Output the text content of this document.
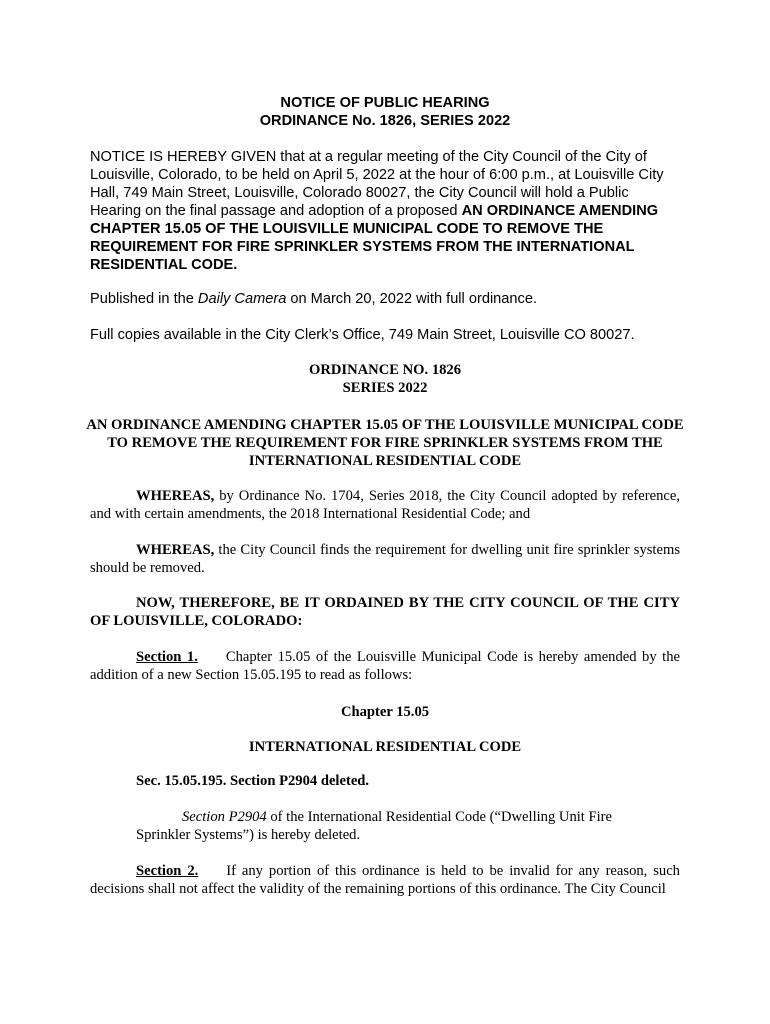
NOTICE OF PUBLIC HEARING
ORDINANCE No. 1826, SERIES 2022
NOTICE IS HEREBY GIVEN that at a regular meeting of the City Council of the City of Louisville, Colorado, to be held on April 5, 2022 at the hour of 6:00 p.m., at Louisville City Hall, 749 Main Street, Louisville, Colorado 80027, the City Council will hold a Public Hearing on the final passage and adoption of a proposed AN ORDINANCE AMENDING CHAPTER 15.05 OF THE LOUISVILLE MUNICIPAL CODE TO REMOVE THE REQUIREMENT FOR FIRE SPRINKLER SYSTEMS FROM THE INTERNATIONAL RESIDENTIAL CODE.
Published in the Daily Camera on March 20, 2022 with full ordinance.
Full copies available in the City Clerk’s Office, 749 Main Street, Louisville CO 80027.
ORDINANCE NO. 1826
SERIES 2022
AN ORDINANCE AMENDING CHAPTER 15.05 OF THE LOUISVILLE MUNICIPAL CODE TO REMOVE THE REQUIREMENT FOR FIRE SPRINKLER SYSTEMS FROM THE INTERNATIONAL RESIDENTIAL CODE
WHEREAS, by Ordinance No. 1704, Series 2018, the City Council adopted by reference, and with certain amendments, the 2018 International Residential Code; and
WHEREAS, the City Council finds the requirement for dwelling unit fire sprinkler systems should be removed.
NOW, THEREFORE, BE IT ORDAINED BY THE CITY COUNCIL OF THE CITY OF LOUISVILLE, COLORADO:
Section 1. Chapter 15.05 of the Louisville Municipal Code is hereby amended by the addition of a new Section 15.05.195 to read as follows:
Chapter 15.05
INTERNATIONAL RESIDENTIAL CODE
Sec. 15.05.195. Section P2904 deleted.
Section P2904 of the International Residential Code (“Dwelling Unit Fire Sprinkler Systems”) is hereby deleted.
Section 2. If any portion of this ordinance is held to be invalid for any reason, such decisions shall not affect the validity of the remaining portions of this ordinance. The City Council
